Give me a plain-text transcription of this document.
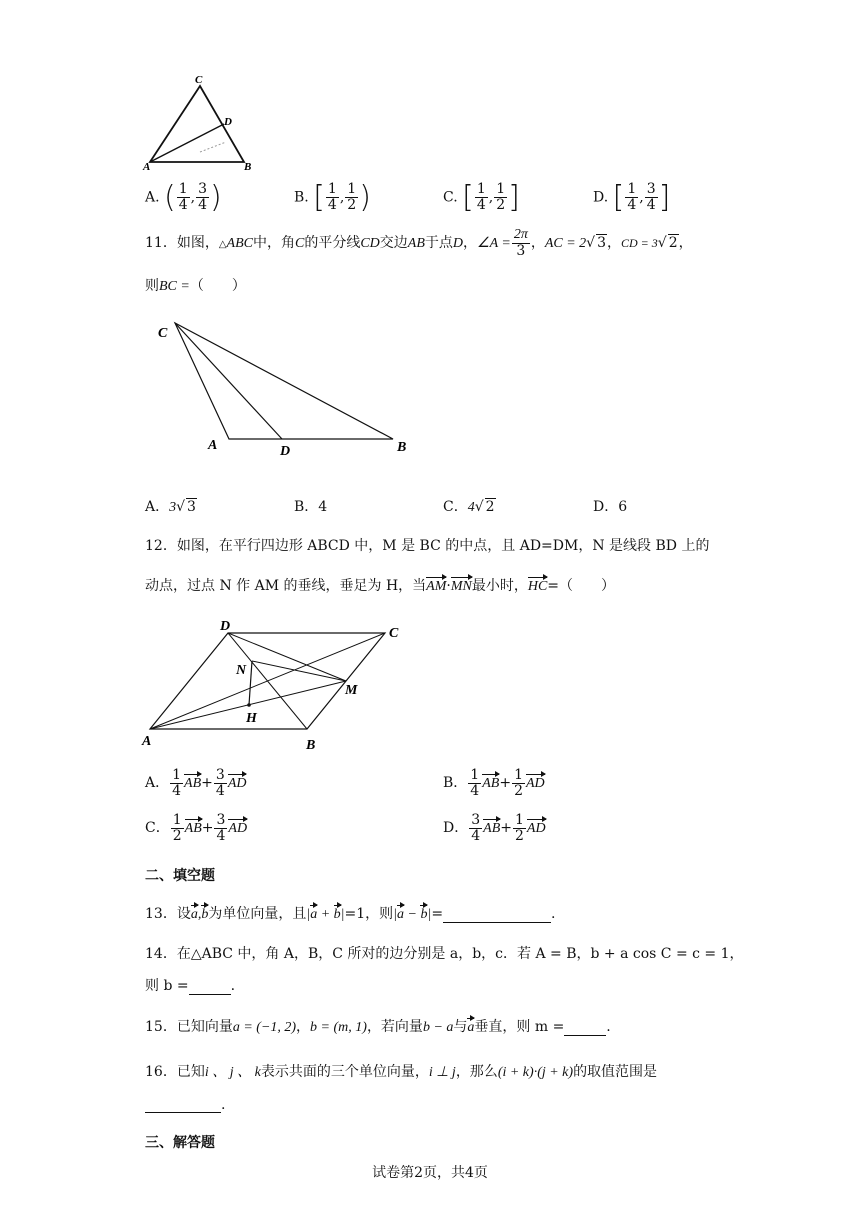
C
D
A	B
A. ( $\frac{1}{4}$ , $\frac{3}{4}$ )	B. [ $\frac{1}{4}$ , $\frac{1}{2}$ )	C. [ $\frac{1}{4}$ , $\frac{1}{2}$ ]	D. [ $\frac{1}{4}$ , $\frac{3}{4}$ ]
11．如图，△ABC中，角C的平分线CD交边AB于点D，∠A = $\frac{2\pi}{3}$ ，AC = 2√ 3，CD = 3√ 2，
则BC =（　　）
C
A	D	B
A．3√ 3	B．4	C．4√ 2	D．6
12．如图，在平行四边形 ABCD 中，M 是 BC 的中点，且 AD=DM，N 是线段 BD 上的
动点，过点 N 作 AM 的垂线，垂足为 H，当AM·MN最小时，HC=（　　）
D	C
N
M
H
A	B
A． $\frac{1}{4} AB+ \frac{3}{4}$ AD	B． $\frac{1}{4} AB+ \frac{1}{2}$ AD
C． $\frac{1}{2} AB+ \frac{3}{4}$ AD	D． $\frac{3}{4} AB+ \frac{1}{2}$ AD
二、填空题
13．设a,b为单位向量，且|a + b|=1，则|a − b|=	.
14．在△ABC 中，角 A，B，C 所对的边分别是 a，b，c．若 A = B，b + a cos C = c = 1，
则 b =	.
15．已知向量a = (−1, 2)，b = (m, 1)，若向量b − a与a垂直，则 m =	.
16．已知i 、 j 、 k表示共面的三个单位向量，i ⊥ j，那么(i + k)·(j + k)的取值范围是
.
三、解答题
试卷第2页，共4页
